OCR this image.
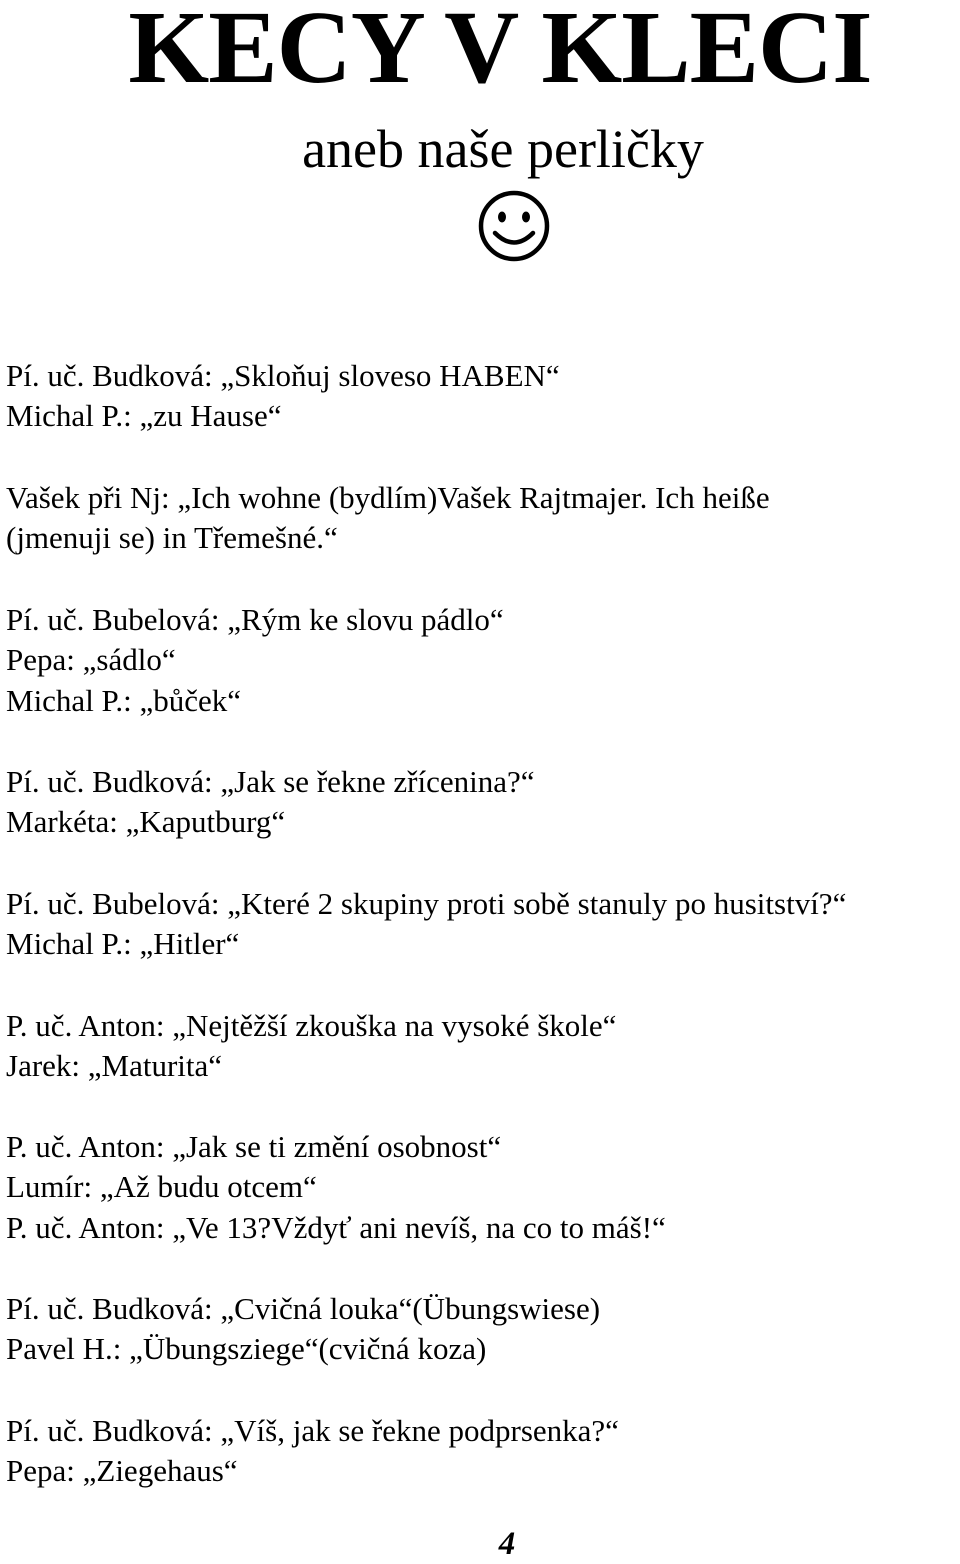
KECY V KLECI
aneb naše perličky
Pí. uč. Budková: „Skloňuj sloveso HABEN“
Michal P.: „zu Hause“
Vašek při Nj: „Ich wohne (bydlím)Vašek Rajtmajer. Ich heiße
(jmenuji se) in Třemešné.“
Pí. uč. Bubelová: „Rým ke slovu pádlo“
Pepa: „sádlo“
Michal P.: „bůček“
Pí. uč. Budková: „Jak se řekne zřícenina?“
Markéta: „Kaputburg“
Pí. uč. Bubelová: „Které 2 skupiny proti sobě stanuly po husitství?“
Michal P.: „Hitler“
P. uč. Anton: „Nejtěžší zkouška na vysoké škole“
Jarek: „Maturita“
P. uč. Anton: „Jak se ti změní osobnost“
Lumír: „Až budu otcem“
P. uč. Anton: „Ve 13?Vždyť ani nevíš, na co to máš!“
Pí. uč. Budková: „Cvičná louka“(Übungswiese)
Pavel H.: „Übungsziege“(cvičná koza)
Pí. uč. Budková: „Víš, jak se řekne podprsenka?“
Pepa: „Ziegehaus“
4
